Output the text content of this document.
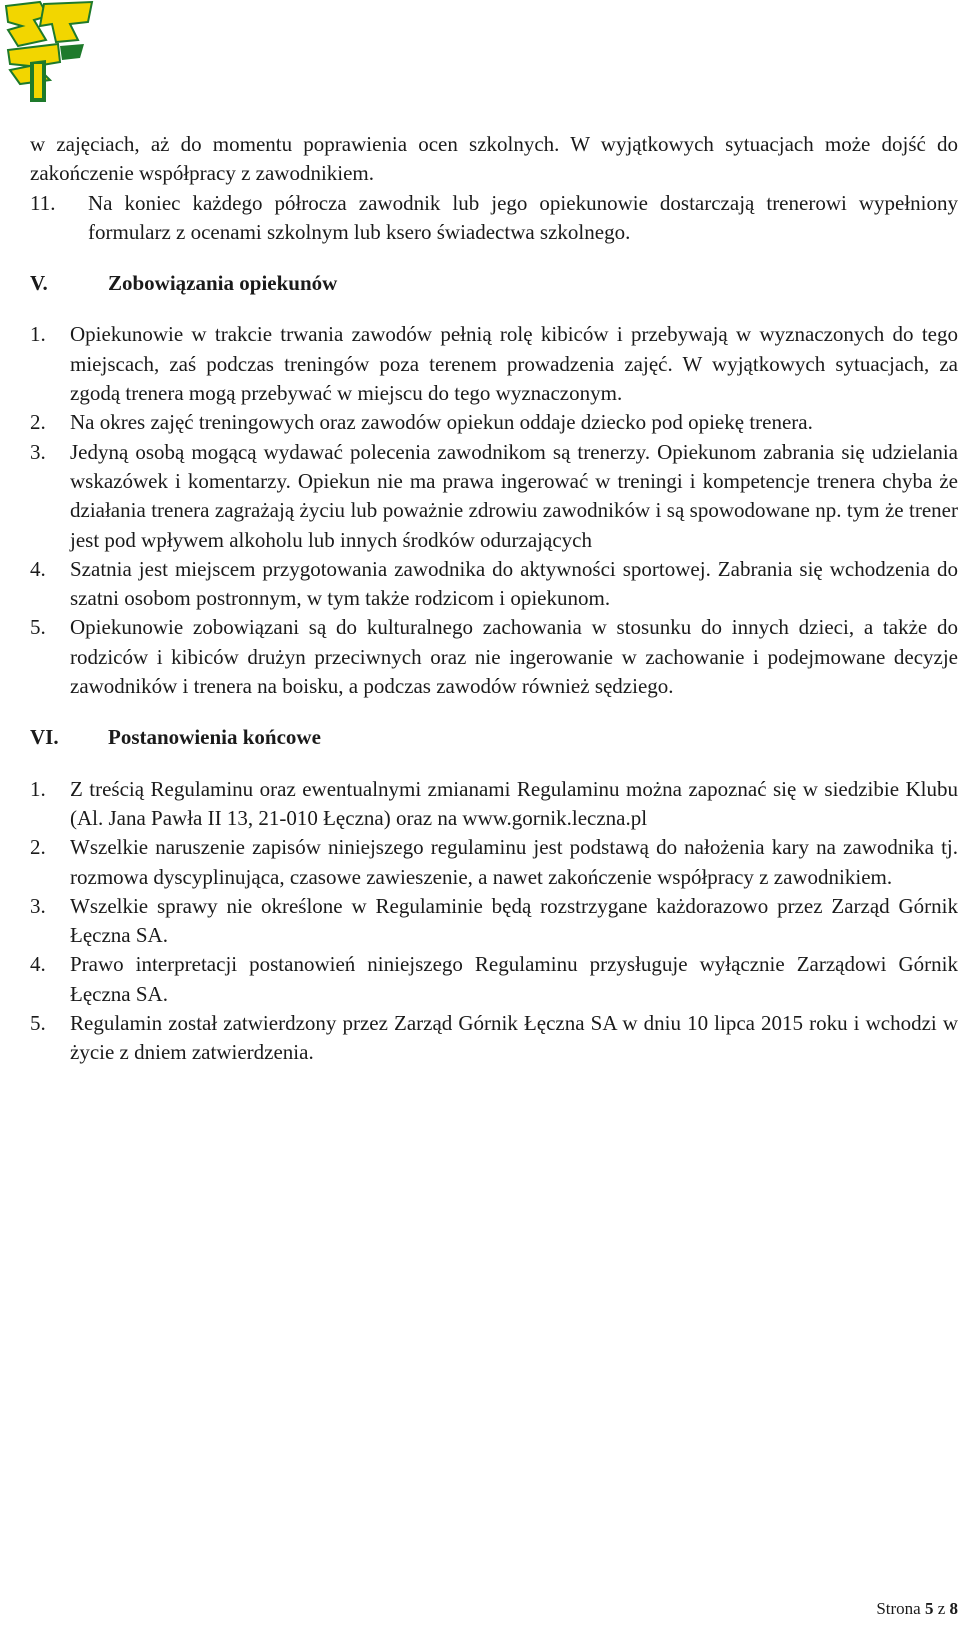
w zajęciach, aż do momentu poprawienia ocen szkolnych. W wyjątkowych sytuacjach może dojść do zakończenie współpracy z zawodnikiem.

11.	Na koniec każdego półrocza zawodnik lub jego opiekunowie dostarczają trenerowi wypełniony formularz z ocenami szkolnym lub ksero świadectwa szkolnego.
V.	Zobowiązania opiekunów
1.	Opiekunowie w trakcie trwania zawodów pełnią rolę kibiców i przebywają w wyznaczonych do tego miejscach, zaś podczas treningów poza terenem prowadzenia zajęć. W wyjątkowych sytuacjach, za zgodą trenera mogą przebywać w miejscu do tego wyznaczonym.
2.	Na okres zajęć treningowych oraz zawodów opiekun oddaje dziecko pod opiekę trenera.
3.	Jedyną osobą mogącą wydawać polecenia zawodnikom są trenerzy. Opiekunom zabrania się udzielania wskazówek i komentarzy. Opiekun nie ma prawa ingerować w treningi i kompetencje trenera chyba że działania trenera zagrażają życiu lub poważnie zdrowiu zawodników i są spowodowane np. tym że trener jest pod wpływem alkoholu lub innych środków odurzających
4.	Szatnia jest miejscem przygotowania zawodnika do aktywności sportowej. Zabrania się wchodzenia do szatni osobom postronnym, w tym także rodzicom i opiekunom.
5.	Opiekunowie zobowiązani są do kulturalnego zachowania w stosunku do innych dzieci, a także do rodziców i kibiców drużyn przeciwnych oraz nie ingerowanie w zachowanie i podejmowane decyzje zawodników i trenera na boisku, a podczas zawodów również sędziego.
VI.	Postanowienia końcowe
1.	Z treścią Regulaminu oraz ewentualnymi zmianami Regulaminu można zapoznać się w siedzibie Klubu (Al. Jana Pawła II 13, 21-010 Łęczna) oraz na www.gornik.leczna.pl
2.	Wszelkie naruszenie zapisów niniejszego regulaminu jest podstawą do nałożenia kary na zawodnika tj. rozmowa dyscyplinująca, czasowe zawieszenie, a nawet zakończenie współpracy z zawodnikiem.
3.	Wszelkie sprawy nie określone w Regulaminie będą rozstrzygane każdorazowo przez Zarząd Górnik Łęczna SA.
4.	Prawo interpretacji postanowień niniejszego Regulaminu przysługuje wyłącznie Zarządowi Górnik Łęczna SA.
5.	Regulamin został zatwierdzony przez Zarząd Górnik Łęczna SA w dniu 10 lipca 2015 roku i wchodzi w życie z dniem zatwierdzenia.
Strona 5 z 8
